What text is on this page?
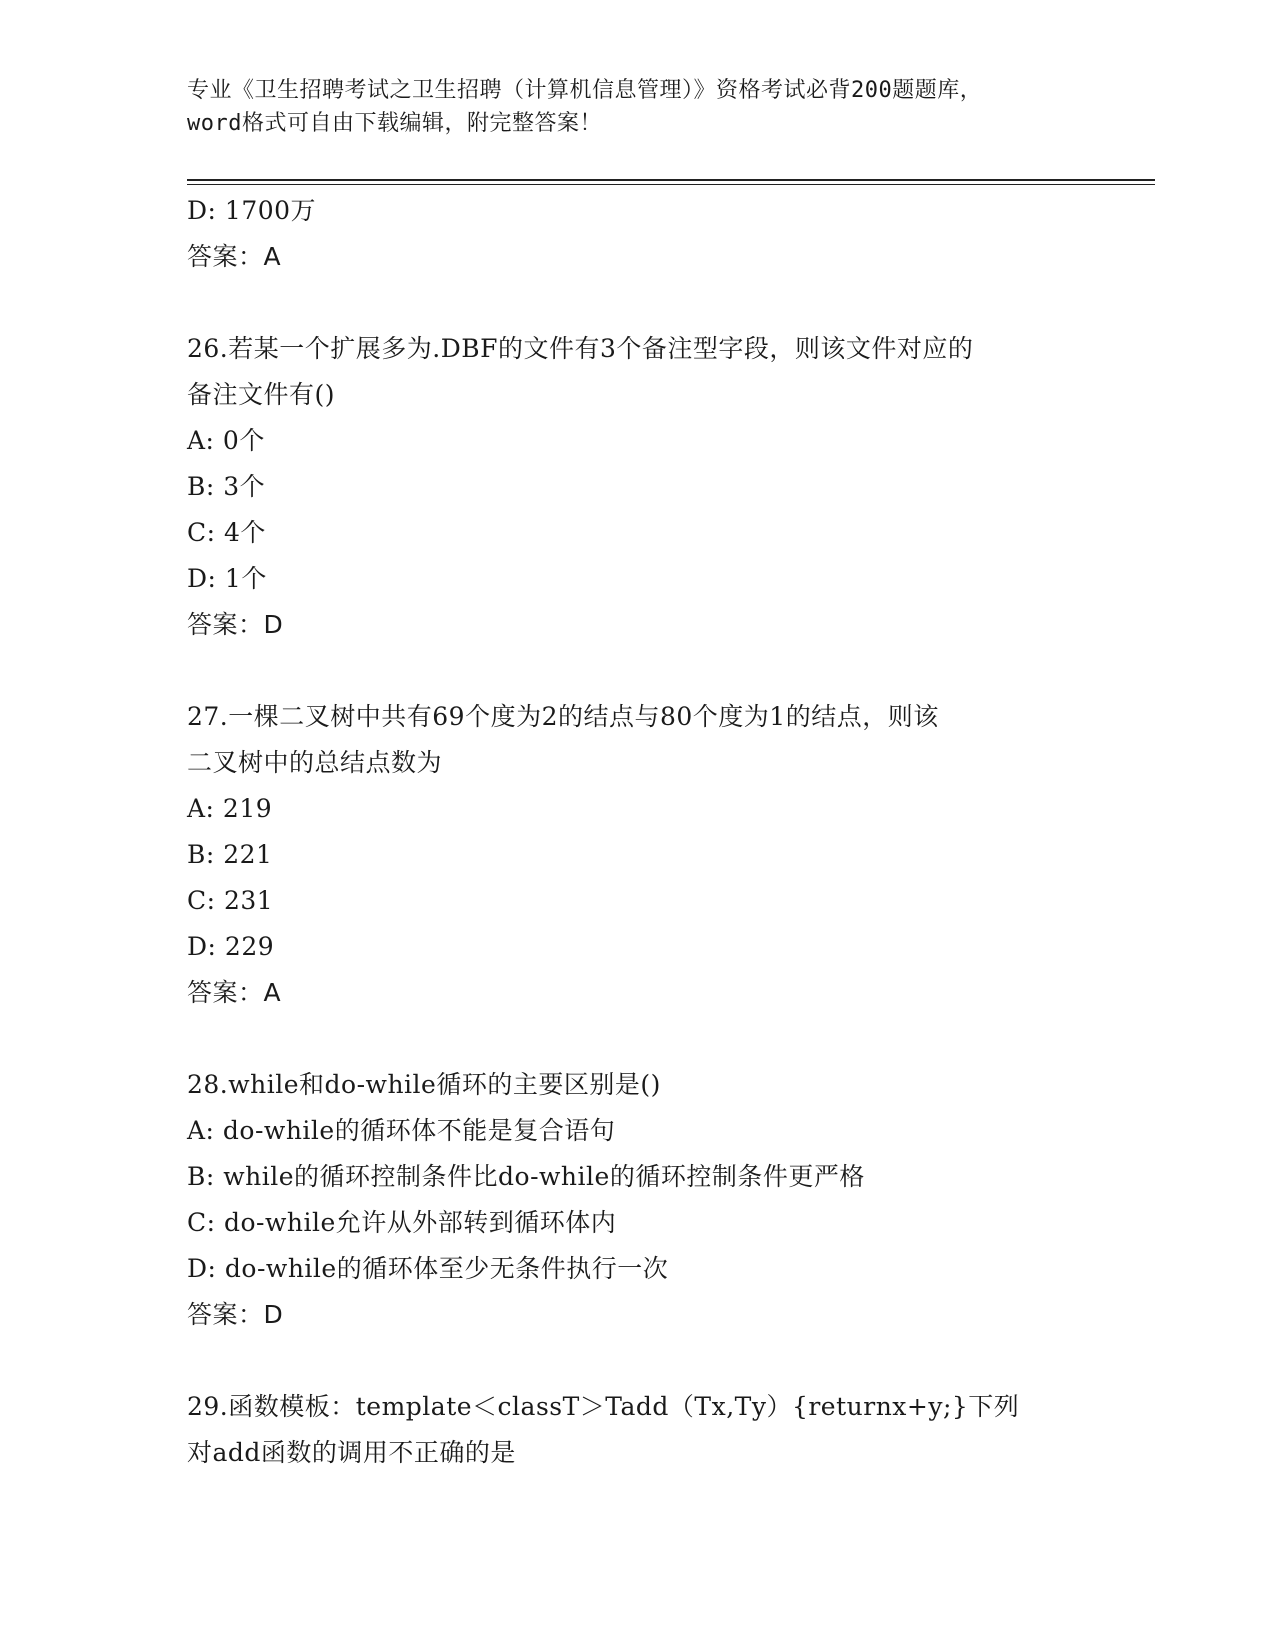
专业《卫生招聘考试之卫生招聘（计算机信息管理）》资格考试必背200题题库，
word格式可自由下载编辑，附完整答案！
D: 1700万
答案：A
26.若某一个扩展多为.DBF的文件有3个备注型字段，则该文件对应的
备注文件有()
A: 0个
B: 3个
C: 4个
D: 1个
答案：D
27.一棵二叉树中共有69个度为2的结点与80个度为1的结点，则该
二叉树中的总结点数为
A: 219
B: 221
C: 231
D: 229
答案：A
28.while和do-while循环的主要区别是()
A: do-while的循环体不能是复合语句
B: while的循环控制条件比do-while的循环控制条件更严格
C: do-while允许从外部转到循环体内
D: do-while的循环体至少无条件执行一次
答案：D
29.函数模板：template＜classT＞Tadd（Tx,Ty）{returnx+y;}下列
对add函数的调用不正确的是
